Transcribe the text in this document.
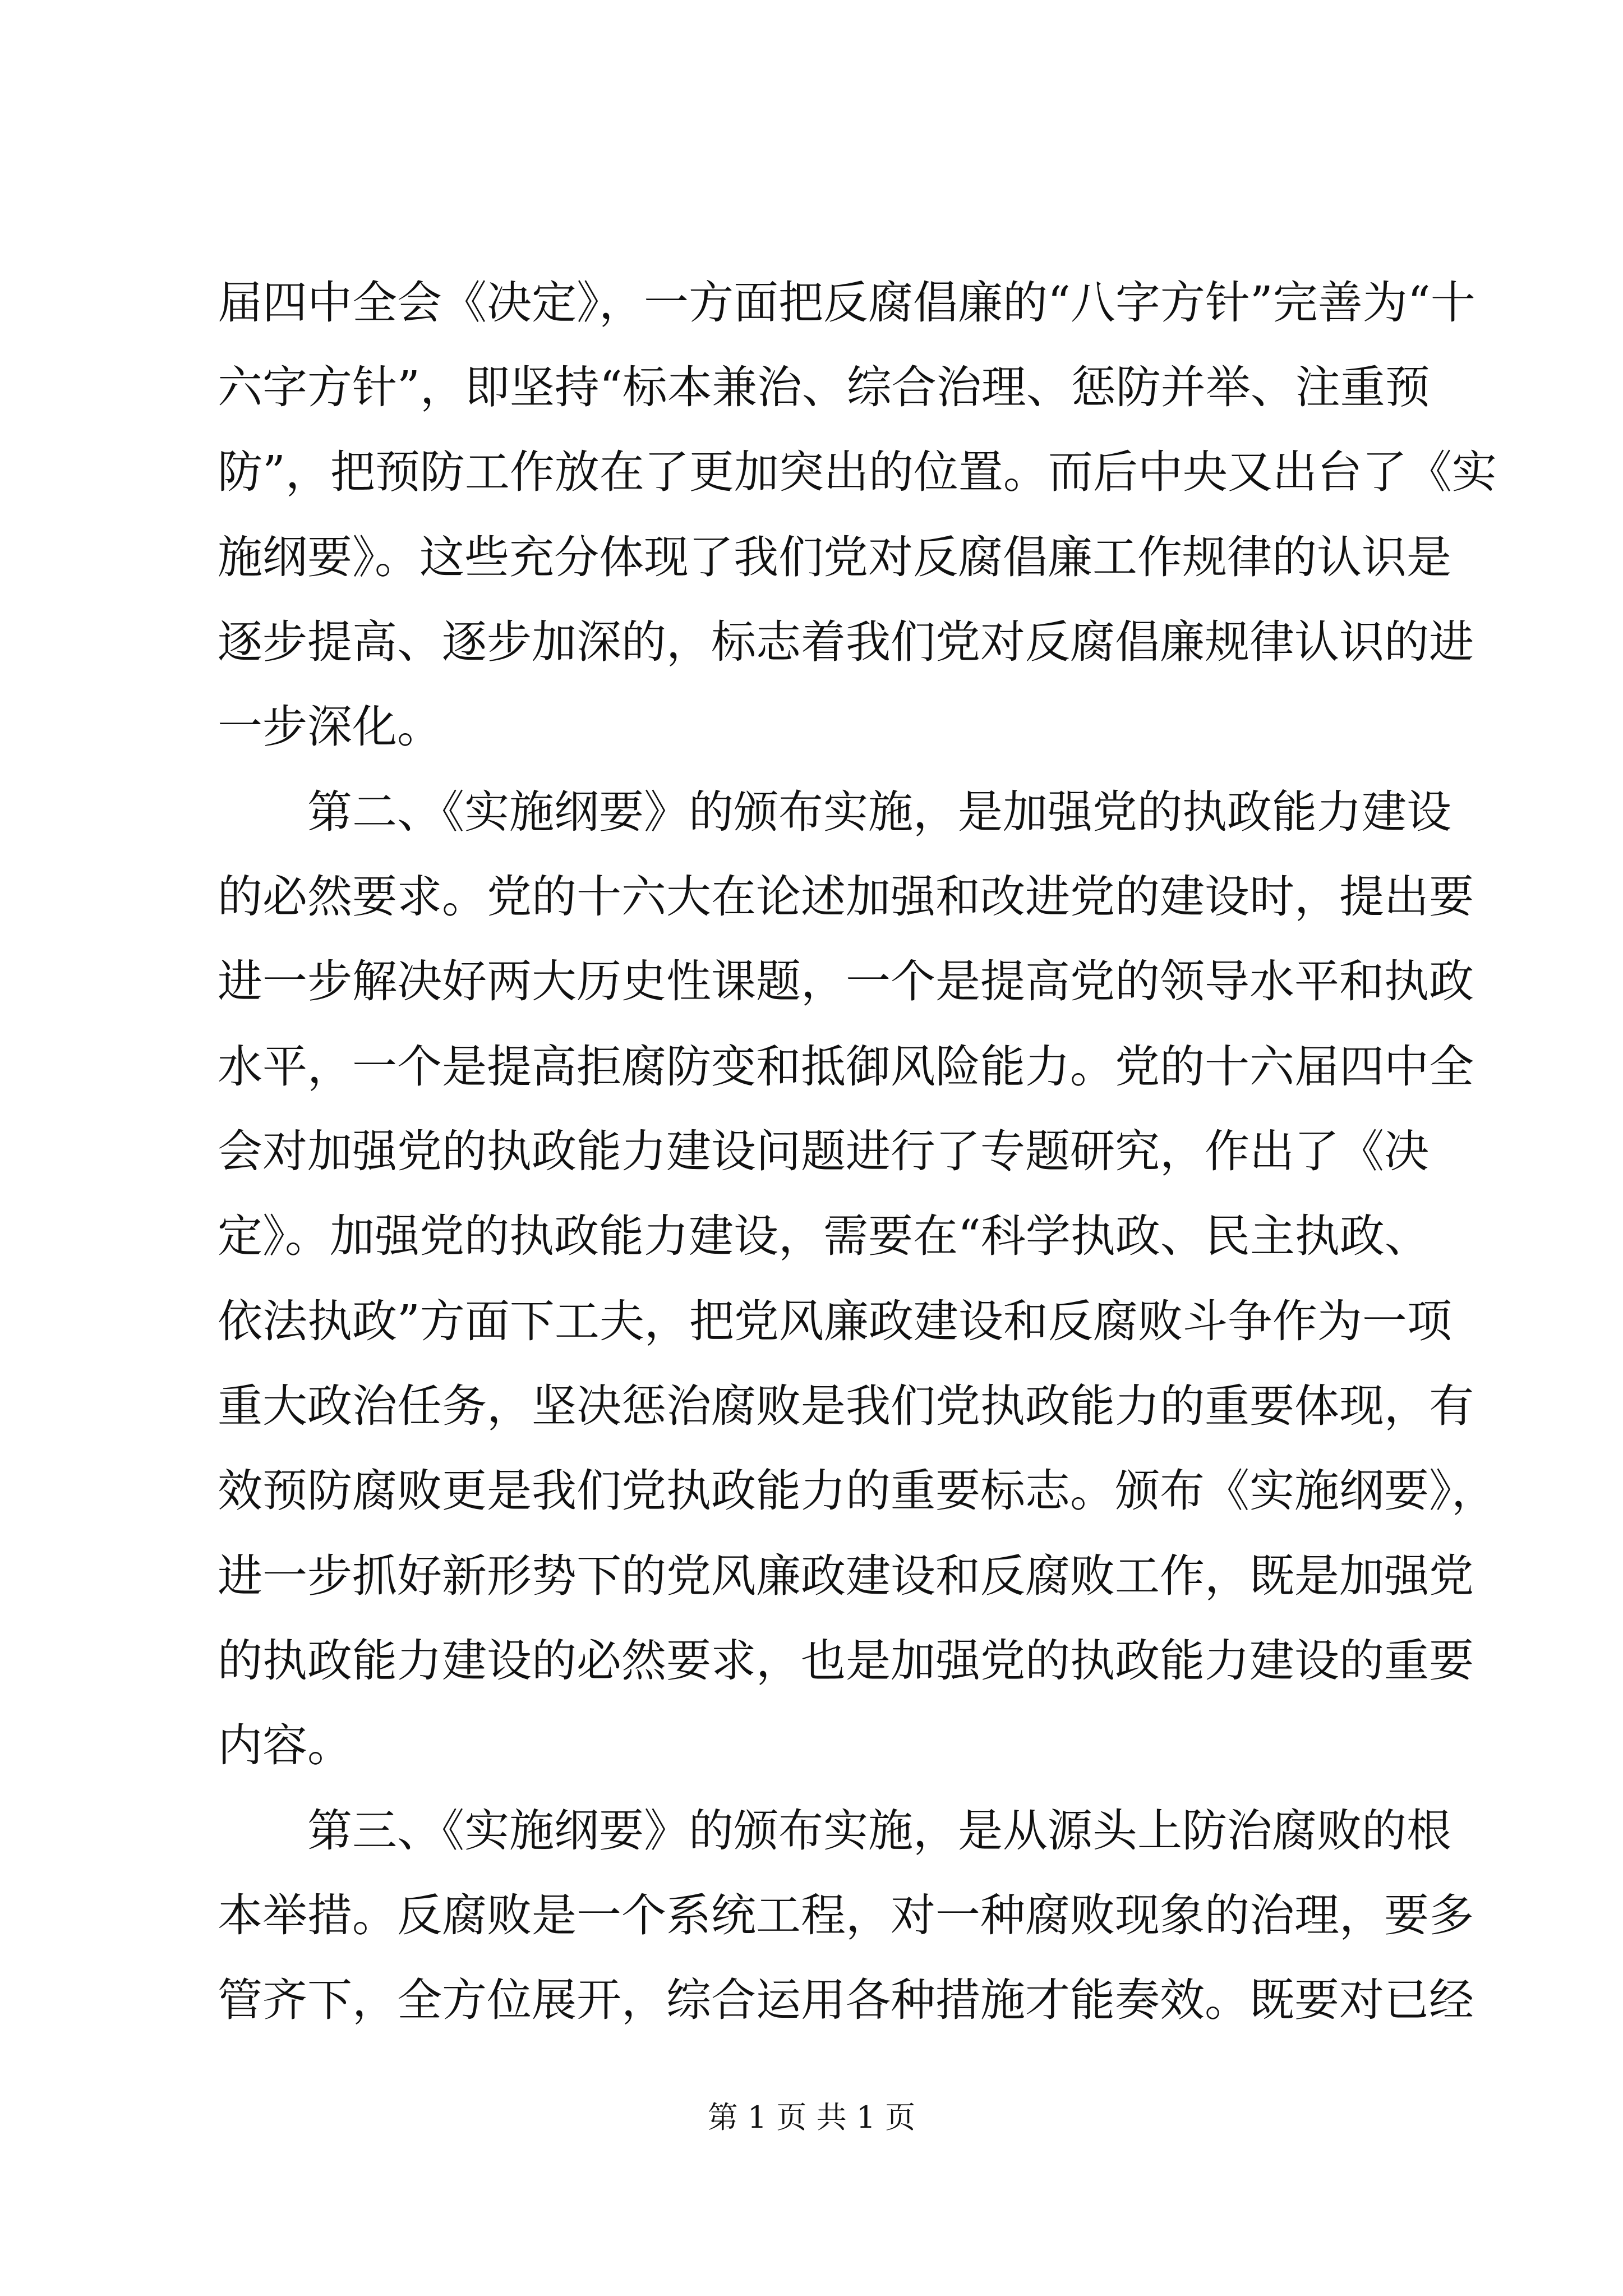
届四中全会《决定》，一方面把反腐倡廉的“八字方针”完善为“十
六字方针”，即坚持“标本兼治、综合治理、惩防并举、注重预
防”，把预防工作放在了更加突出的位置。而后中央又出台了《实
施纲要》。这些充分体现了我们党对反腐倡廉工作规律的认识是
逐步提高、逐步加深的，标志着我们党对反腐倡廉规律认识的进
一步深化。
第二、《实施纲要》的颁布实施，是加强党的执政能力建设
的必然要求。党的十六大在论述加强和改进党的建设时，提出要
进一步解决好两大历史性课题，一个是提高党的领导水平和执政
水平，一个是提高拒腐防变和抵御风险能力。党的十六届四中全
会对加强党的执政能力建设问题进行了专题研究，作出了《决
定》。加强党的执政能力建设，需要在“科学执政、民主执政、
依法执政”方面下工夫，把党风廉政建设和反腐败斗争作为一项
重大政治任务，坚决惩治腐败是我们党执政能力的重要体现，有
效预防腐败更是我们党执政能力的重要标志。颁布《实施纲要》，
进一步抓好新形势下的党风廉政建设和反腐败工作，既是加强党
的执政能力建设的必然要求，也是加强党的执政能力建设的重要
内容。
第三、《实施纲要》的颁布实施，是从源头上防治腐败的根
本举措。反腐败是一个系统工程，对一种腐败现象的治理，要多
管齐下，全方位展开，综合运用各种措施才能奏效。既要对已经
第 1 页 共 1 页
